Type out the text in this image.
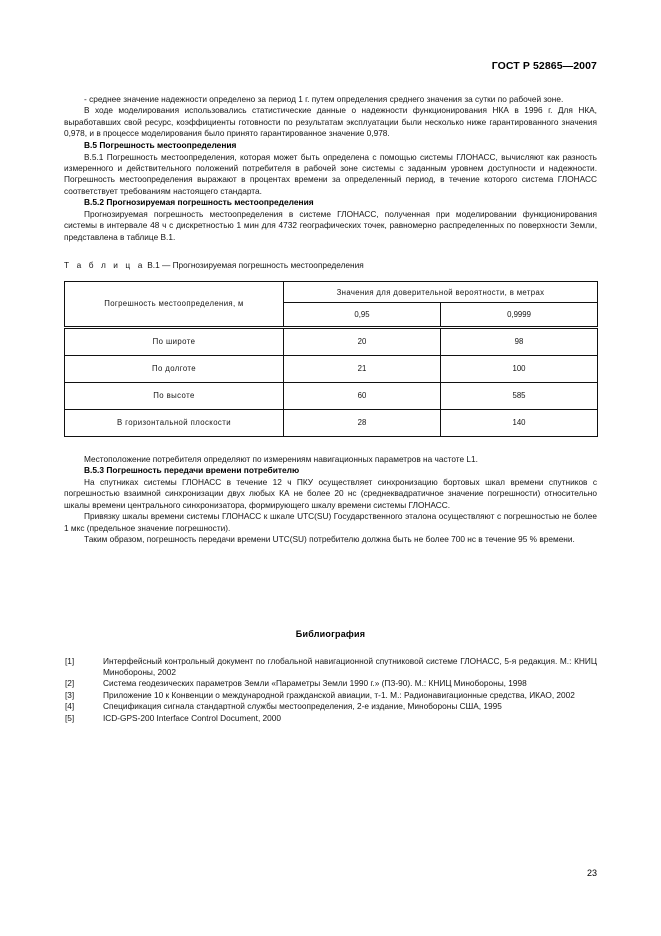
ГОСТ Р 52865—2007

- среднее значение надежности определено за период 1 г. путем определения среднего значения за сутки по рабочей зоне.

В ходе моделирования использовались статистические данные о надежности функционирования НКА в 1996 г. Для НКА, выработавших свой ресурс, коэффициенты готовности по результатам эксплуатации были несколько ниже гарантированного значения 0,978, и в процессе моделирования было принято гарантированное значение 0,978.

В.5 Погрешность местоопределения

В.5.1 Погрешность местоопределения, которая может быть определена с помощью системы ГЛОНАСС, вычисляют как разность измеренного и действительного положений потребителя в рабочей зоне системы с заданным уровнем доступности и надежности. Погрешность местоопределения выражают в процентах времени за определенный период, в течение которого система ГЛОНАСС соответствует требованиям настоящего стандарта.

В.5.2 Прогнозируемая погрешность местоопределения

Прогнозируемая погрешность местоопределения в системе ГЛОНАСС, полученная при моделировании функционирования системы в интервале 48 ч с дискретностью 1 мин для 4732 географических точек, равномерно распределенных по поверхности Земли, представлена в таблице В.1.

Т а б л и ц а В.1 — Прогнозируемая погрешность местоопределения

Погрешность местоопределения, м	Значения для доверительной вероятности, в метрах	
	0,95	0,9999
По широте	20	98
По долготе	21	100
По высоте	60	585
В горизонтальной плоскости	28	140

Местоположение потребителя определяют по измерениям навигационных параметров на частоте L1.

В.5.3 Погрешность передачи времени потребителю

На спутниках системы ГЛОНАСС в течение 12 ч ПКУ осуществляет синхронизацию бортовых шкал времени спутников с погрешностью взаимной синхронизации двух любых КА не более 20 нс (среднеквадратичное значение погрешности) относительно шкалы времени центрального синхронизатора, формирующего шкалу времени системы ГЛОНАСС.

Привязку шкалы времени системы ГЛОНАСС к шкале UTC(SU) Государственного эталона осуществляют с погрешностью не более 1 мкс (предельное значение погрешности).

Таким образом, погрешность передачи времени UTC(SU) потребителю должна быть не более 700 нс в течение 95 % времени.

Библиография

[1]	Интерфейсный контрольный документ по глобальной навигационной спутниковой системе ГЛОНАСС, 5-я редакция. М.: КНИЦ Минобороны, 2002
[2]	Система геодезических параметров Земли «Параметры Земли 1990 г.» (ПЗ-90). М.: КНИЦ Минобороны, 1998
[3]	Приложение 10 к Конвенции о международной гражданской авиации, т-1. М.: Радионавигационные средства, ИКАО, 2002
[4]	Спецификация сигнала стандартной службы местоопределения, 2-е издание, Минобороны США, 1995
[5]	ICD-GPS-200 Interface Control Document, 2000
23
